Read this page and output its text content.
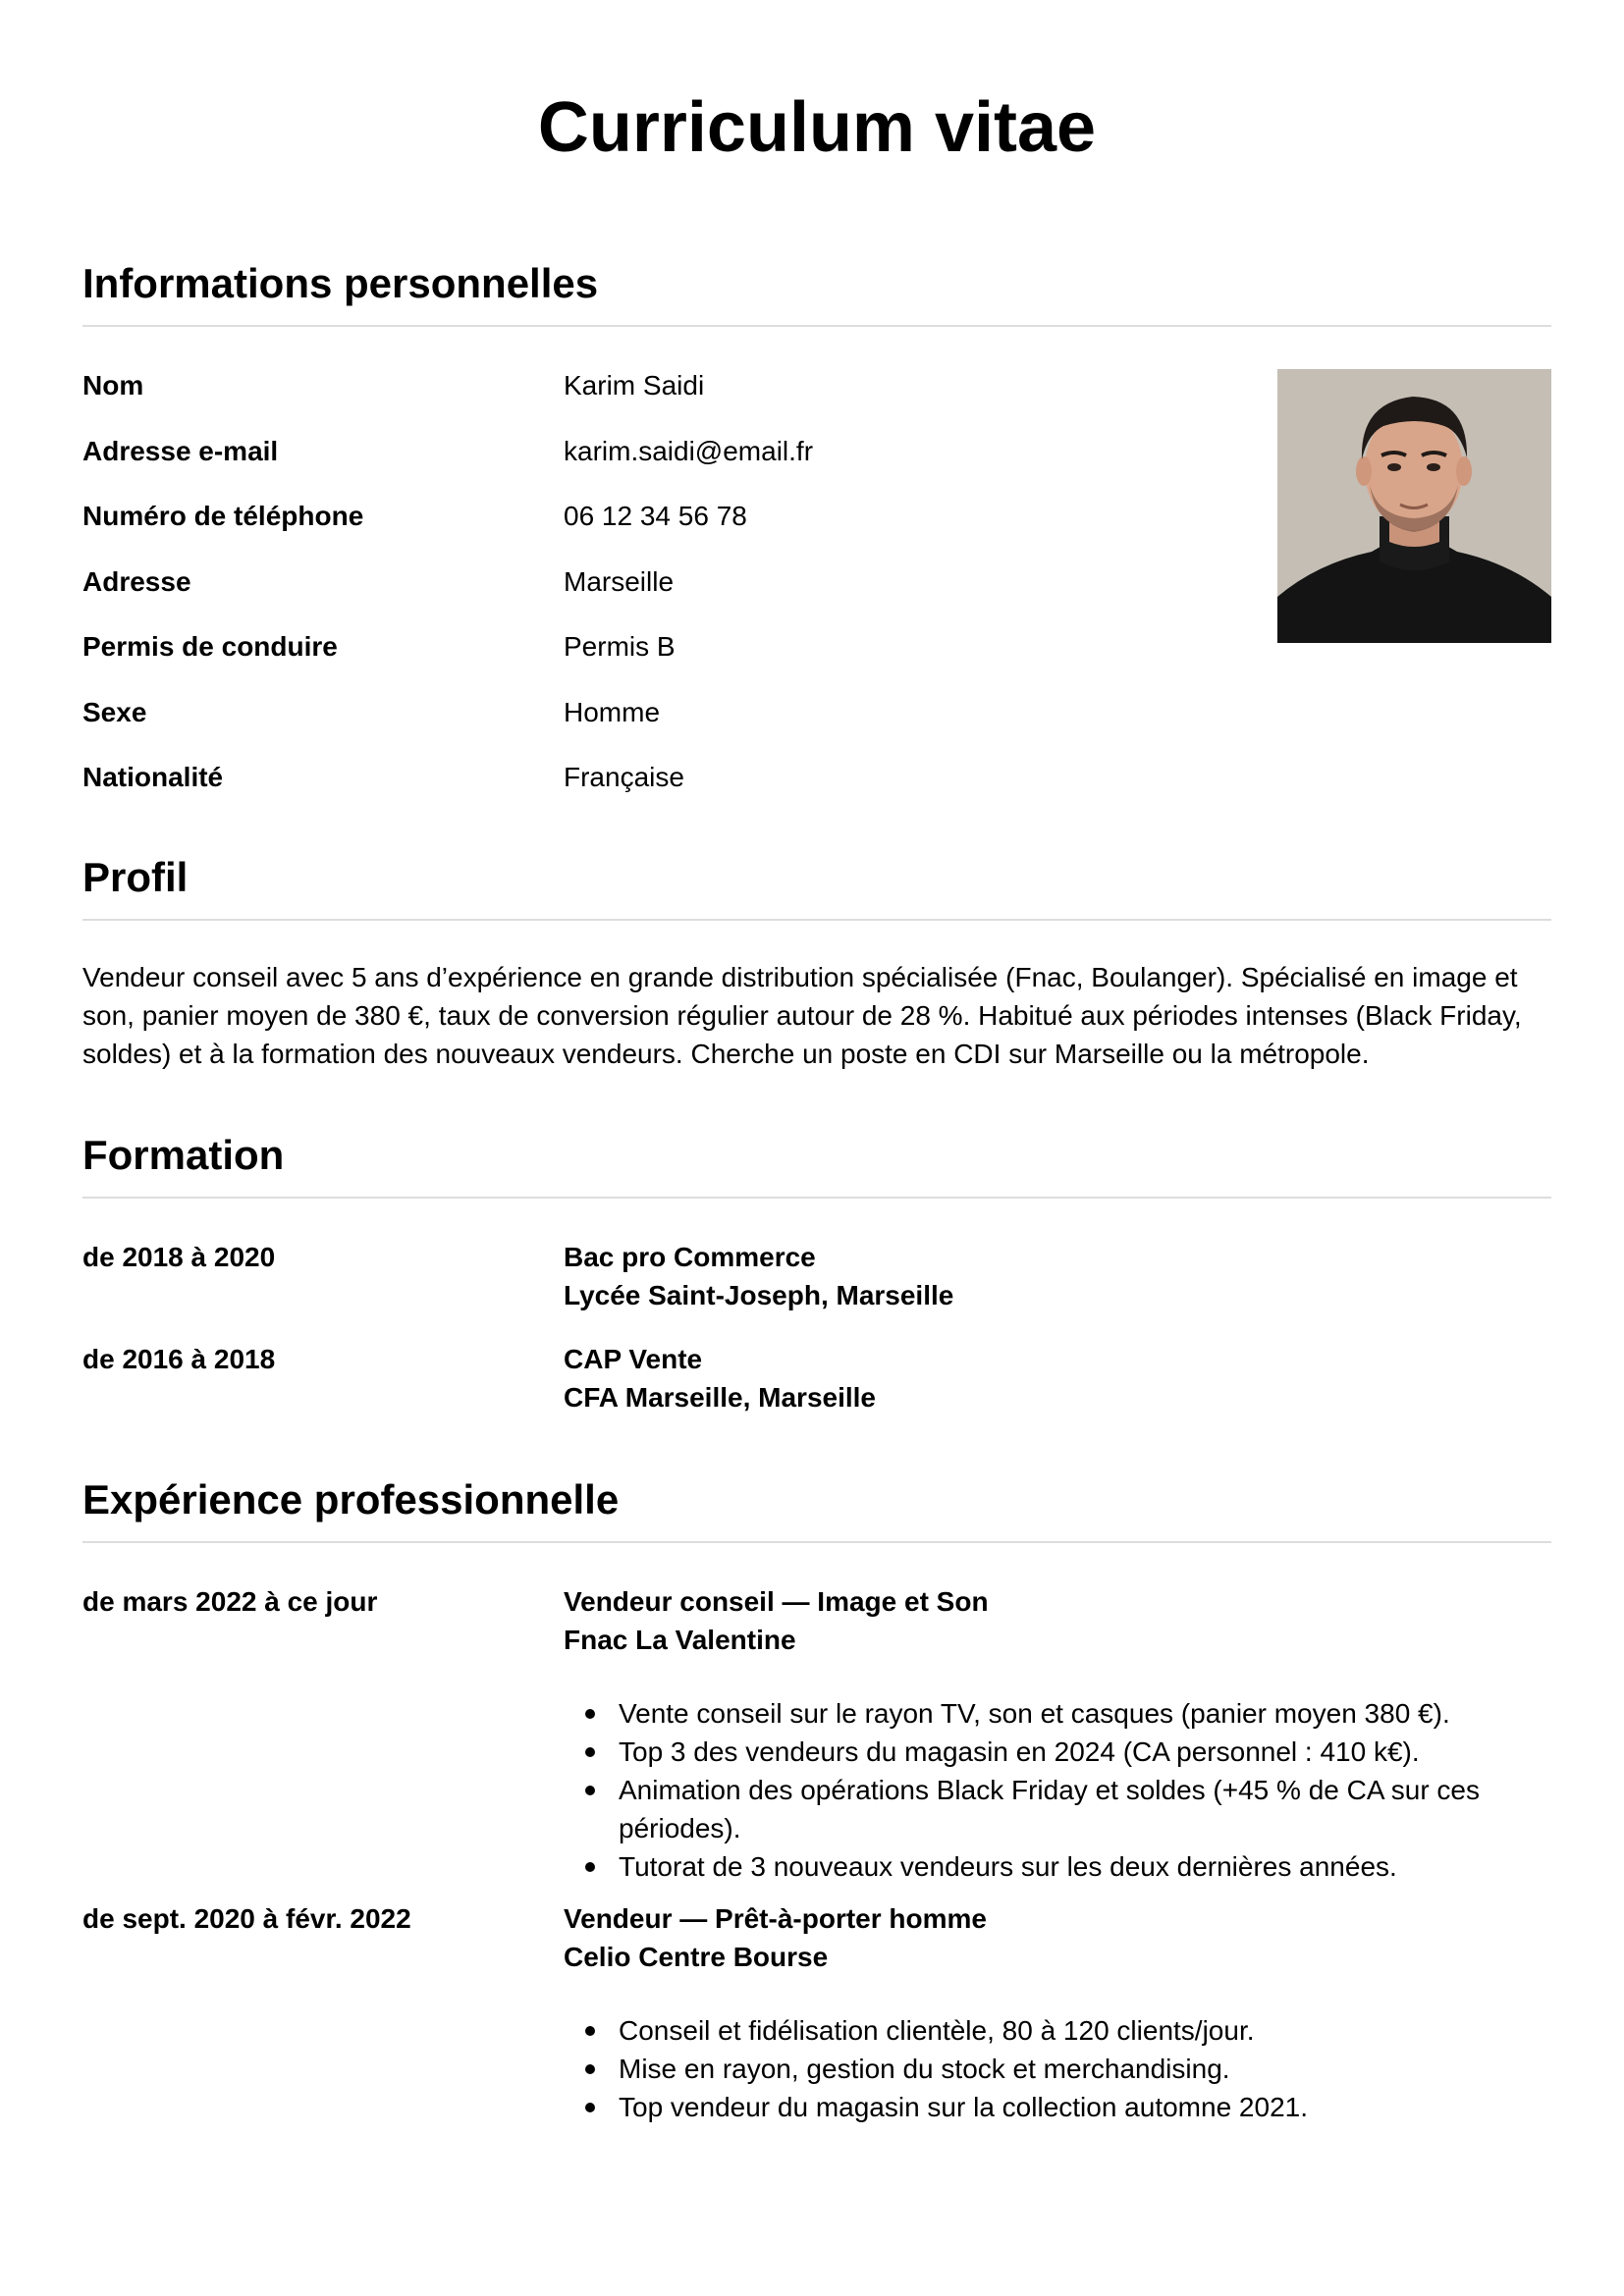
Curriculum vitae
Informations personnelles
Nom	Karim Saidi
Adresse e-mail	karim.saidi@email.fr
Numéro de téléphone	06 12 34 56 78
Adresse	Marseille
Permis de conduire	Permis B
Sexe	Homme
Nationalité	Française
Profil

Vendeur conseil avec 5 ans d’expérience en grande distribution spécialisée (Fnac, Boulanger). Spécialisé en image et son, panier moyen de 380 €, taux de conversion régulier autour de 28 %. Habitué aux périodes intenses (Black Friday, soldes) et à la formation des nouveaux vendeurs. Cherche un poste en CDI sur Marseille ou la métropole.

Formation
de 2018 à 2020	Bac pro Commerce
Lycée Saint-Joseph, Marseille
de 2016 à 2018	CAP Vente
CFA Marseille, Marseille
Expérience professionnelle
de mars 2022 à ce jour	Vendeur conseil — Image et Son
Fnac La Valentine
Vente conseil sur le rayon TV, son et casques (panier moyen 380 €).
Top 3 des vendeurs du magasin en 2024 (CA personnel : 410 k€).
Animation des opérations Black Friday et soldes (+45 % de CA sur ces périodes).
Tutorat de 3 nouveaux vendeurs sur les deux dernières années.
de sept. 2020 à févr. 2022	Vendeur — Prêt-à-porter homme
Celio Centre Bourse
Conseil et fidélisation clientèle, 80 à 120 clients/jour.
Mise en rayon, gestion du stock et merchandising.
Top vendeur du magasin sur la collection automne 2021.
